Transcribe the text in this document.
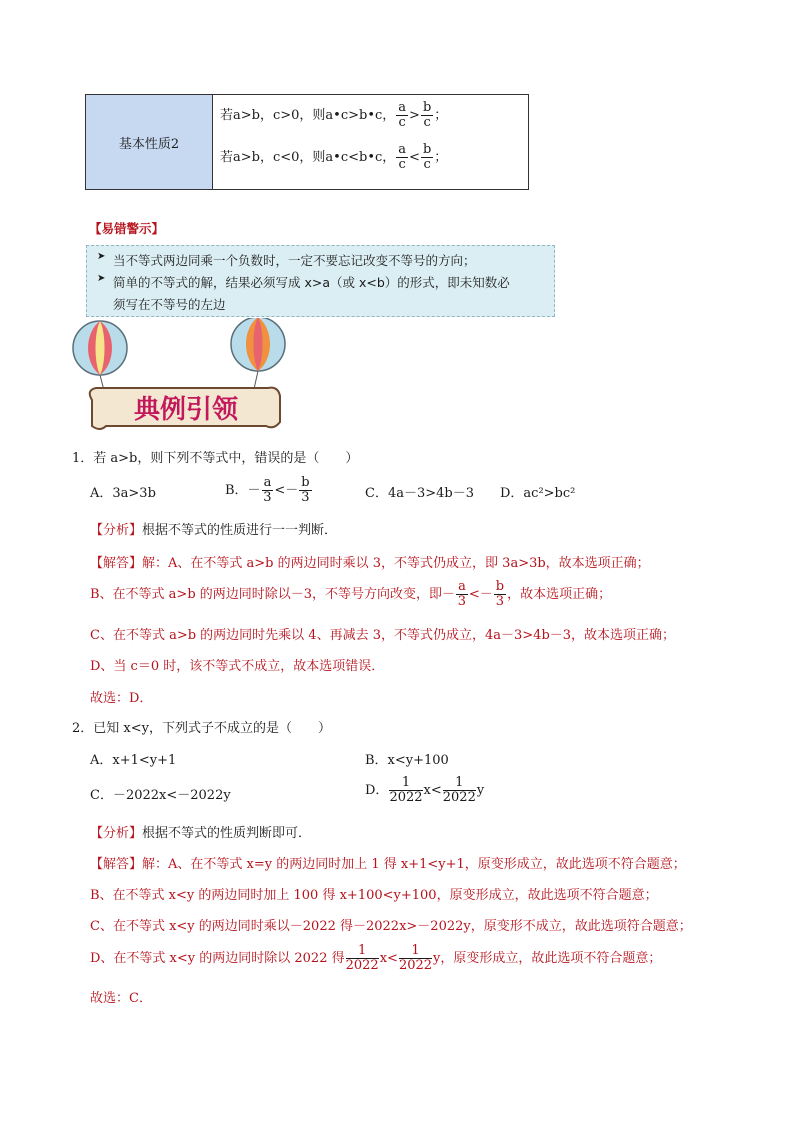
基本性质2
若a>b，c>0，则a•c>b•c， $\frac{a}{c} > \frac{b}{c}$ ；
若a>b，c<0，则a•c<b•c， $\frac{a}{c} < \frac{b}{c}$ ；
【易错警示】
➤ 当不等式两边同乘一个负数时，一定不要忘记改变不等号的方向；
➤ 简单的不等式的解，结果必须写成 x>a（或 x<b）的形式，即未知数必
须写在不等号的左边
典例引领
1．若 a>b，则下列不等式中，错误的是（　　）
A．3a>3b	B．－ $\frac{a}{3} <- \frac{b}{3}$	C．4a－3>4b－3 D．ac²>bc²
【分析】根据不等式的性质进行一一判断．
【解答】解：A、在不等式 a>b 的两边同时乘以 3，不等式仍成立，即 3a>3b，故本选项正确；
B、在不等式 a>b 的两边同时除以－3，不等号方向改变，即－ $\frac{a}{3} <- \frac{b}{3}$ ，故本选项正确；
C、在不等式 a>b 的两边同时先乘以 4、再减去 3，不等式仍成立，4a－3>4b－3，故本选项正确；
D、当 c＝0 时，该不等式不成立，故本选项错误．
故选：D．
2．已知 x<y，下列式子不成立的是（　　）
A．x+1<y+1	B．x<y+100
C．－2022x<－2022y	D． $\frac{1}{2022} x< \frac{1}{2022}$ y
【分析】根据不等式的性质判断即可．
【解答】解：A、在不等式 x=y 的两边同时加上 1 得 x+1<y+1，原变形成立，故此选项不符合题意；
B、在不等式 x<y 的两边同时加上 100 得 x+100<y+100，原变形成立，故此选项不符合题意；
C、在不等式 x<y 的两边同时乘以－2022 得－2022x>－2022y，原变形不成立，故此选项符合题意；
D、在不等式 x<y 的两边同时除以 2022 得 $\frac{1}{2022} x< \frac{1}{2022}$ y，原变形成立，故此选项不符合题意；
故选：C．
